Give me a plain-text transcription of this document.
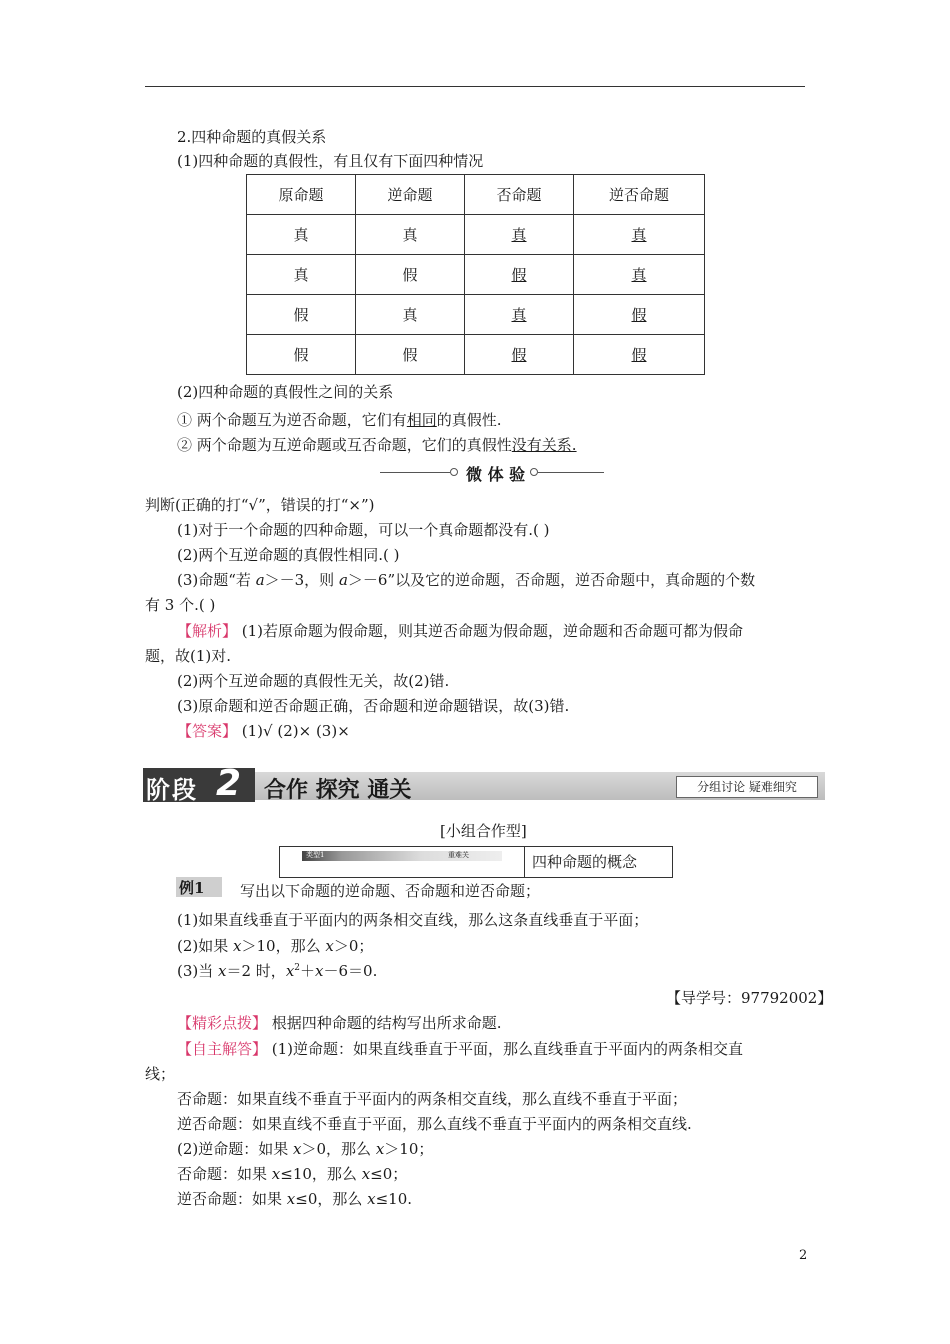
2.四种命题的真假关系
(1)四种命题的真假性，有且仅有下面四种情况
原命题	逆命题	否命题	逆否命题
真	真	真	真
真	假	假	真
假	真	真	假
假	假	假	假
(2)四种命题的真假性之间的关系
① 两个命题互为逆否命题，它们有相同的真假性.
② 两个命题为互逆命题或互否命题，它们的真假性没有关系.
微 体 验
判断(正确的打“√”，错误的打“×”)
(1)对于一个命题的四种命题，可以一个真命题都没有.( )
(2)两个互逆命题的真假性相同.( )
(3)命题“若 a＞－3，则 a＞－6”以及它的逆命题，否命题，逆否命题中，真命题的个数
有 3 个.( )
【解析】 (1)若原命题为假命题，则其逆否命题为假命题，逆命题和否命题可都为假命
题，故(1)对.
(2)两个互逆命题的真假性无关，故(2)错.
(3)原命题和逆否命题正确，否命题和逆命题错误，故(3)错.
【答案】 (1)√ (2)× (3)×
阶段 2 合作 探究 通关	分组讨论 疑难细究
[小组合作型]
类型1	重难关	四种命题的概念
例1 写出以下命题的逆命题、否命题和逆否命题；
(1)如果直线垂直于平面内的两条相交直线，那么这条直线垂直于平面；
(2)如果 x＞10，那么 x＞0；
(3)当 x＝2 时，$x^2+x-6=0$.
【导学号：97792002】
【精彩点拨】 根据四种命题的结构写出所求命题.
【自主解答】 (1)逆命题：如果直线垂直于平面，那么直线垂直于平面内的两条相交直
线；
否命题：如果直线不垂直于平面内的两条相交直线，那么直线不垂直于平面；
逆否命题：如果直线不垂直于平面，那么直线不垂直于平面内的两条相交直线.
(2)逆命题：如果 x＞0，那么 x＞10；
否命题：如果 x≤10，那么 x≤0；
逆否命题：如果 x≤0，那么 x≤10.
2
